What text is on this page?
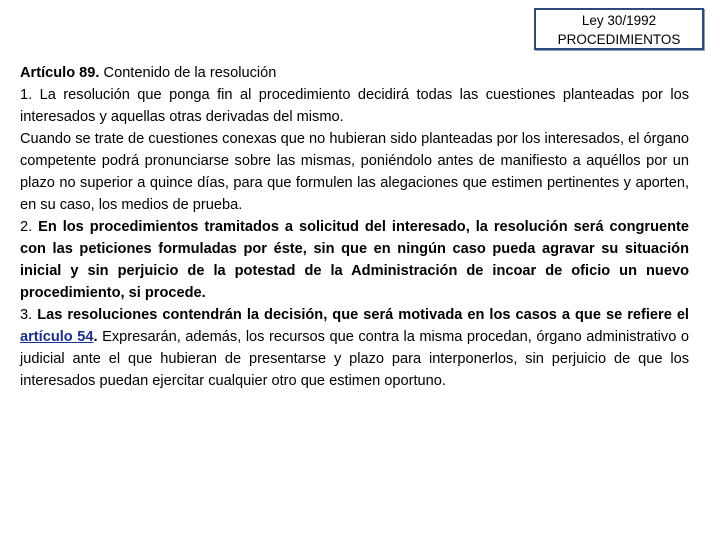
Ley 30/1992
PROCEDIMIENTOS

Artículo 89. Contenido de la resolución

1. La resolución que ponga fin al procedimiento decidirá todas las cuestiones planteadas por los interesados y aquellas otras derivadas del mismo.

Cuando se trate de cuestiones conexas que no hubieran sido planteadas por los interesados, el órgano competente podrá pronunciarse sobre las mismas, poniéndolo antes de manifiesto a aquéllos por un plazo no superior a quince días, para que formulen las alegaciones que estimen pertinentes y aporten, en su caso, los medios de prueba.

2. En los procedimientos tramitados a solicitud del interesado, la resolución será congruente con las peticiones formuladas por éste, sin que en ningún caso pueda agravar su situación inicial y sin perjuicio de la potestad de la Administración de incoar de oficio un nuevo procedimiento, si procede.

3. Las resoluciones contendrán la decisión, que será motivada en los casos a que se refiere el artículo 54. Expresarán, además, los recursos que contra la misma procedan, órgano administrativo o judicial ante el que hubieran de presentarse y plazo para interponerlos, sin perjuicio de que los interesados puedan ejercitar cualquier otro que estimen oportuno.
